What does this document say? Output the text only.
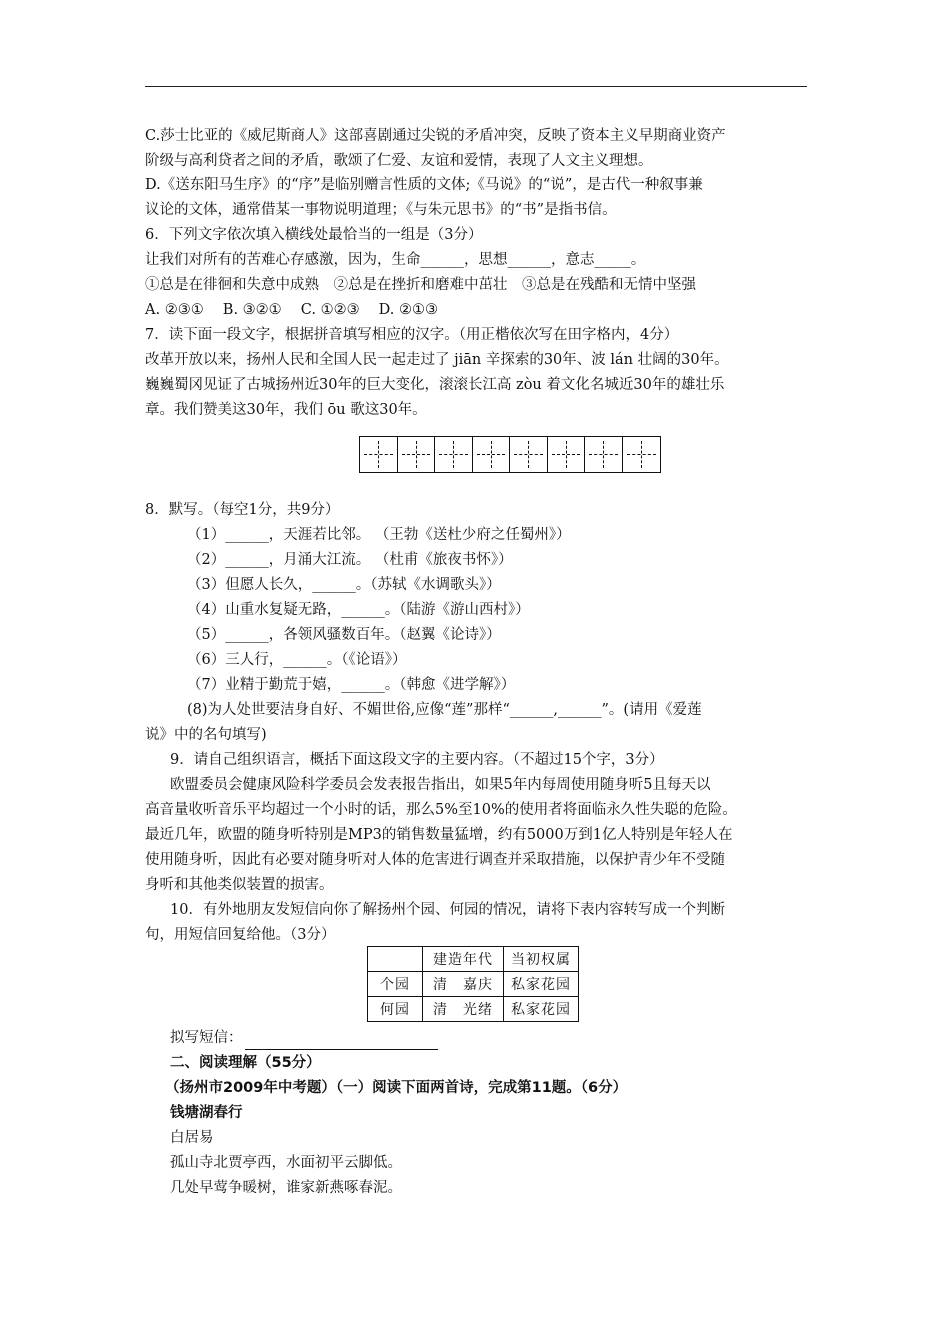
C.莎士比亚的《威尼斯商人》这部喜剧通过尖锐的矛盾冲突，反映了资本主义早期商业资产
阶级与高利贷者之间的矛盾，歌颂了仁爱、友谊和爱情，表现了人文主义理想。
D.《送东阳马生序》的“序”是临别赠言性质的文体;《马说》的“说”，是古代一种叙事兼
议论的文体，通常借某一事物说明道理；《与朱元思书》的“书”是指书信。
6．下列文字依次填入横线处最恰当的一组是（3分）
让我们对所有的苦难心存感激，因为，生命______，思想______，意志_____。
①总是在徘徊和失意中成熟　②总是在挫折和磨难中茁壮　③总是在残酷和无情中坚强
A. ②③①　 B. ③②①　 C. ①②③　 D. ②①③
7．读下面一段文字，根据拼音填写相应的汉字。（用正楷依次写在田字格内，4分）
改革开放以来，扬州人民和全国人民一起走过了 jiān 辛探索的30年、波 lán 壮阔的30年。
巍巍蜀冈见证了古城扬州近30年的巨大变化，滚滚长江高 zòu 着文化名城近30年的雄壮乐
章。我们赞美这30年，我们 ōu 歌这30年。
8．默写。（每空1分，共9分）
（1）______，天涯若比邻。 （王勃《送杜少府之任蜀州》）
（2）______，月涌大江流。 （杜甫《旅夜书怀》）
（3）但愿人长久，______。（苏轼《水调歌头》）
（4）山重水复疑无路，______。（陆游《游山西村》）
（5）______，各领风骚数百年。（赵翼《论诗》）
（6）三人行，______。（《论语》）
（7）业精于勤荒于嬉，______。（韩愈《进学解》）
(8)为人处世要洁身自好、不媚世俗,应像“莲”那样“______,______”。(请用《爱莲
说》中的名句填写)
9．请自己组织语言，概括下面这段文字的主要内容。（不超过15个字，3分）
欧盟委员会健康风险科学委员会发表报告指出，如果5年内每周使用随身听5且每天以
高音量收听音乐平均超过一个小时的话，那么5%至10%的使用者将面临永久性失聪的危险。
最近几年，欧盟的随身听特别是MP3的销售数量猛增，约有5000万到1亿人特别是年轻人在
使用随身听，因此有必要对随身听对人体的危害进行调查并采取措施，以保护青少年不受随
身听和其他类似装置的损害。
10．有外地朋友发短信向你了解扬州个园、何园的情况，请将下表内容转写成一个判断
句，用短信回复给他。（3分）
	建造年代	当初权属
个园	清　嘉庆	私家花园
何园	清　光绪	私家花园
拟写短信：
二、阅读理解（55分）
（扬州市2009年中考题）（一）阅读下面两首诗，完成第11题。（6分）
钱塘湖春行
白居易
孤山寺北贾亭西，水面初平云脚低。
几处早莺争暖树，谁家新燕啄春泥。
